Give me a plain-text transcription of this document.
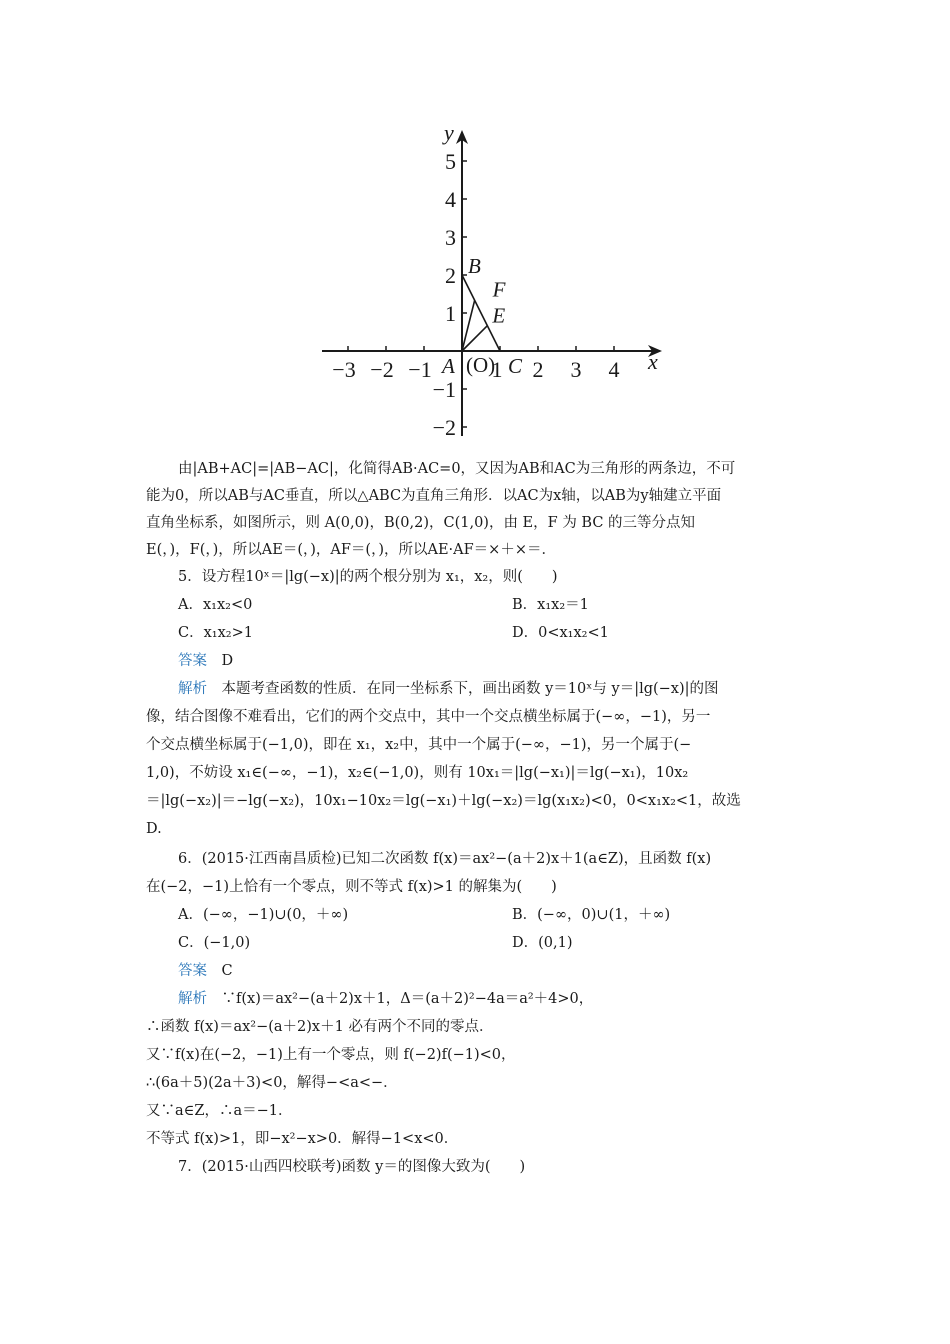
−3 −2 −1	1 2 3 4
5
4
3
2
1
−1
−2
B
F
E
A (O) C	x
y
由|AB+AC|=|AB−AC|，化简得AB·AC=0，又因为AB和AC为三角形的两条边，不可
能为0，所以AB与AC垂直，所以△ABC为直角三角形．以AC为x轴，以AB为y轴建立平面
直角坐标系，如图所示，则 A(0,0)，B(0,2)，C(1,0)，由 E，F 为 BC 的三等分点知
E(，)，F(，)，所以AE＝(，)，AF＝(，)，所以AE·AF＝×＋×＝．
5．设方程10ˣ＝|lg(−x)|的两个根分别为 x₁，x₂，则(　　)
A．x₁x₂<0	B．x₁x₂＝1
C．x₁x₂>1	D．0<x₁x₂<1
答案　 D
解析　 本题考查函数的性质．在同一坐标系下，画出函数 y＝10ˣ与 y＝|lg(−x)|的图
像，结合图像不难看出，它们的两个交点中，其中一个交点横坐标属于(−∞，−1)，另一
个交点横坐标属于(−1,0)，即在 x₁，x₂中，其中一个属于(−∞，−1)，另一个属于(−
1,0)，不妨设 x₁∈(−∞，−1)，x₂∈(−1,0)，则有 10x₁＝|lg(−x₁)|＝lg(−x₁)，10x₂
＝|lg(−x₂)|＝−lg(−x₂)，10x₁−10x₂＝lg(−x₁)＋lg(−x₂)＝lg(x₁x₂)<0，0<x₁x₂<1，故选
D.
6．(2015·江西南昌质检)已知二次函数 f(x)＝ax²−(a＋2)x＋1(a∈Z)，且函数 f(x)
在(−2，−1)上恰有一个零点，则不等式 f(x)>1 的解集为(　　)
A．(−∞，−1)∪(0，＋∞)	B．(−∞，0)∪(1，＋∞)
C．(−1,0)	D．(0,1)
答案　 C
解析　 ∵f(x)＝ax²−(a＋2)x＋1，Δ＝(a＋2)²−4a＝a²＋4>0，
∴函数 f(x)＝ax²−(a＋2)x＋1 必有两个不同的零点．
又∵f(x)在(−2，−1)上有一个零点，则 f(−2)f(−1)<0，
∴(6a＋5)(2a＋3)<0，解得−<a<−．
又∵a∈Z，∴a＝−1．
不等式 f(x)>1，即−x²−x>0．解得−1<x<0．
7．(2015·山西四校联考)函数 y＝的图像大致为(　　)
